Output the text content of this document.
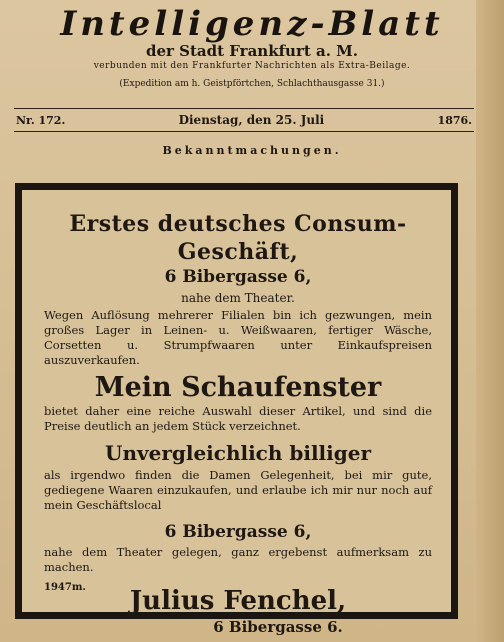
Intelligenz-Blatt
der Stadt Frankfurt a. M.
verbunden mit den Frankfurter Nachrichten als Extra-Beilage.
(Expedition am h. Geistpförtchen, Schlachthausgasse 31.)
Nr. 172.	Dienstag, den 25. Juli	1876.
Bekanntmachungen.
Erstes deutsches Consum-Geschäft,
6 Bibergasse 6,
nahe dem Theater.
Wegen Auflösung mehrerer Filialen bin ich gezwungen, mein großes Lager in Leinen- u. Weißwaaren, fertiger Wäsche, Corsetten u. Strumpfwaaren unter Einkaufspreisen auszuverkaufen.
Mein Schaufenster
bietet daher eine reiche Auswahl dieser Artikel, und sind die Preise deutlich an jedem Stück verzeichnet.
Unvergleichlich billiger
als irgendwo finden die Damen Gelegenheit, bei mir gute, gediegene Waaren einzukaufen, und erlaube ich mir nur noch auf mein Geschäftslocal
6 Bibergasse 6,
nahe dem Theater gelegen, ganz ergebenst aufmerksam zu machen.
Julius Fenchel,
6 Bibergasse 6.
1947m.
